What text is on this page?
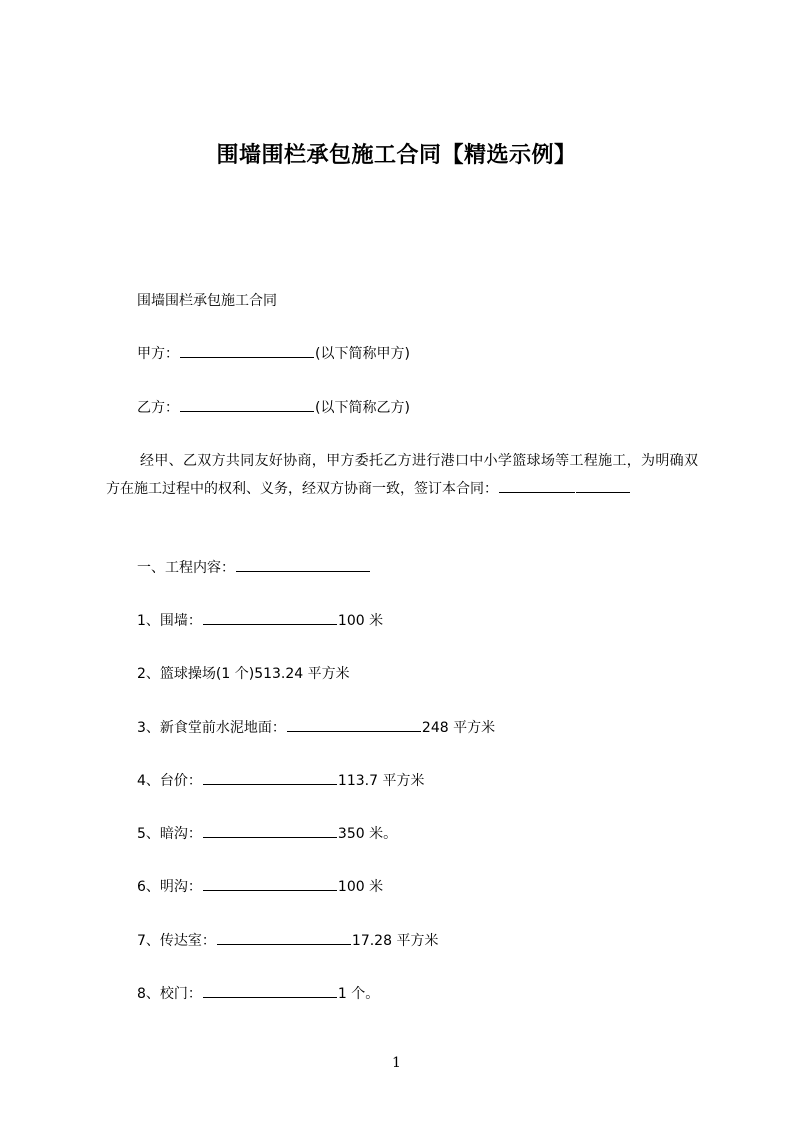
围墙围栏承包施工合同【精选示例】
围墙围栏承包施工合同
甲方：	(以下简称甲方)
乙方：	(以下简称乙方)
经甲、乙双方共同友好协商，甲方委托乙方进行港口中小学篮球场等工程施工，为明确双方在施工过程中的权利、义务，经双方协商一致，签订本合同：
一、工程内容：
1、围墙：	100 米
2、篮球操场(1 个)513.24 平方米
3、新食堂前水泥地面：	248 平方米
4、台价：	113.7 平方米
5、暗沟：	350 米。
6、明沟：	100 米
7、传达室：	17.28 平方米
8、校门：	1 个。
1
